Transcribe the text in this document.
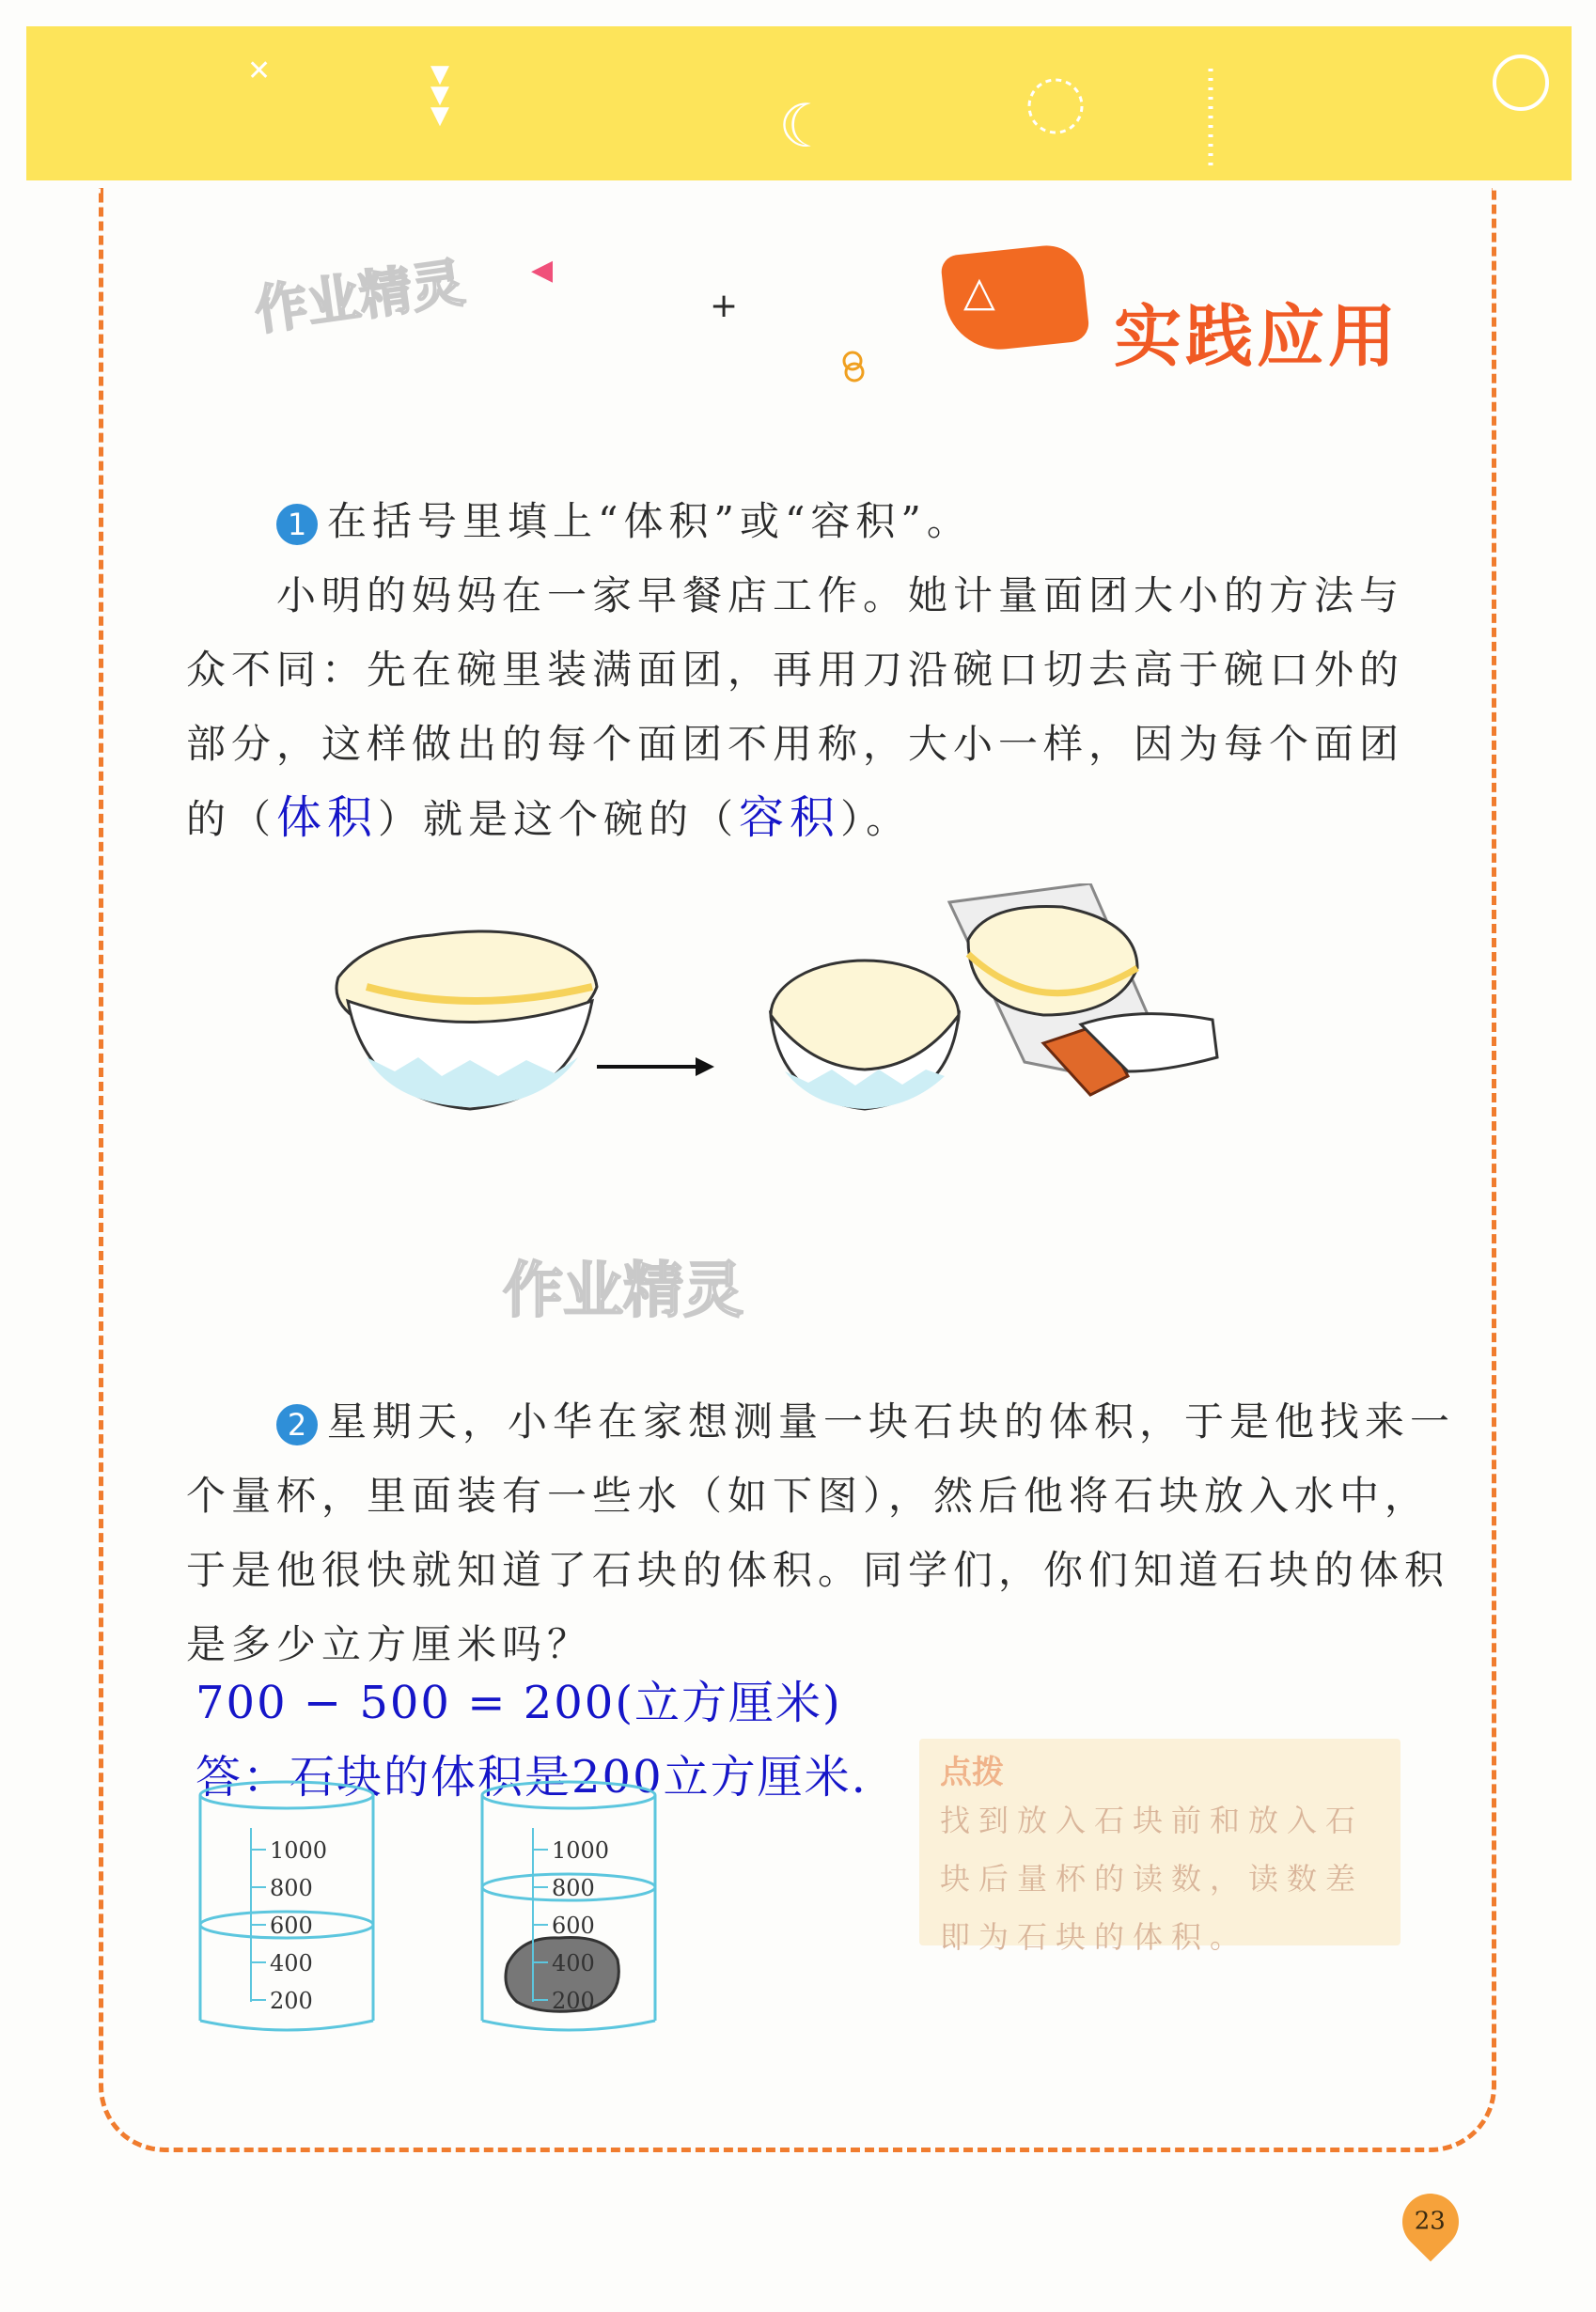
✕	▼
▼
▼	☾
作业精灵 ◀
+	△
实践应用
1 在括号里填上“体积”或“容积”。
小明的妈妈在一家早餐店工作。她计量面团大小的方法与
众不同：先在碗里装满面团，再用刀沿碗口切去高于碗口外的
部分，这样做出的每个面团不用称，大小一样，因为每个面团
的（体积）就是这个碗的（容积）。
作业精灵
2 星期天，小华在家想测量一块石块的体积，于是他找来一
个量杯，里面装有一些水（如下图），然后他将石块放入水中，
于是他很快就知道了石块的体积。同学们，你们知道石块的体积
是多少立方厘米吗？
700 − 500 = 200(立方厘米)
答：石块的体积是200立方厘米.
1000
800
600
400
200
1000
800
600
400
200
点拨
找到放入石块前和放入石块后量杯的读数，读数差即为石块的体积。
23
